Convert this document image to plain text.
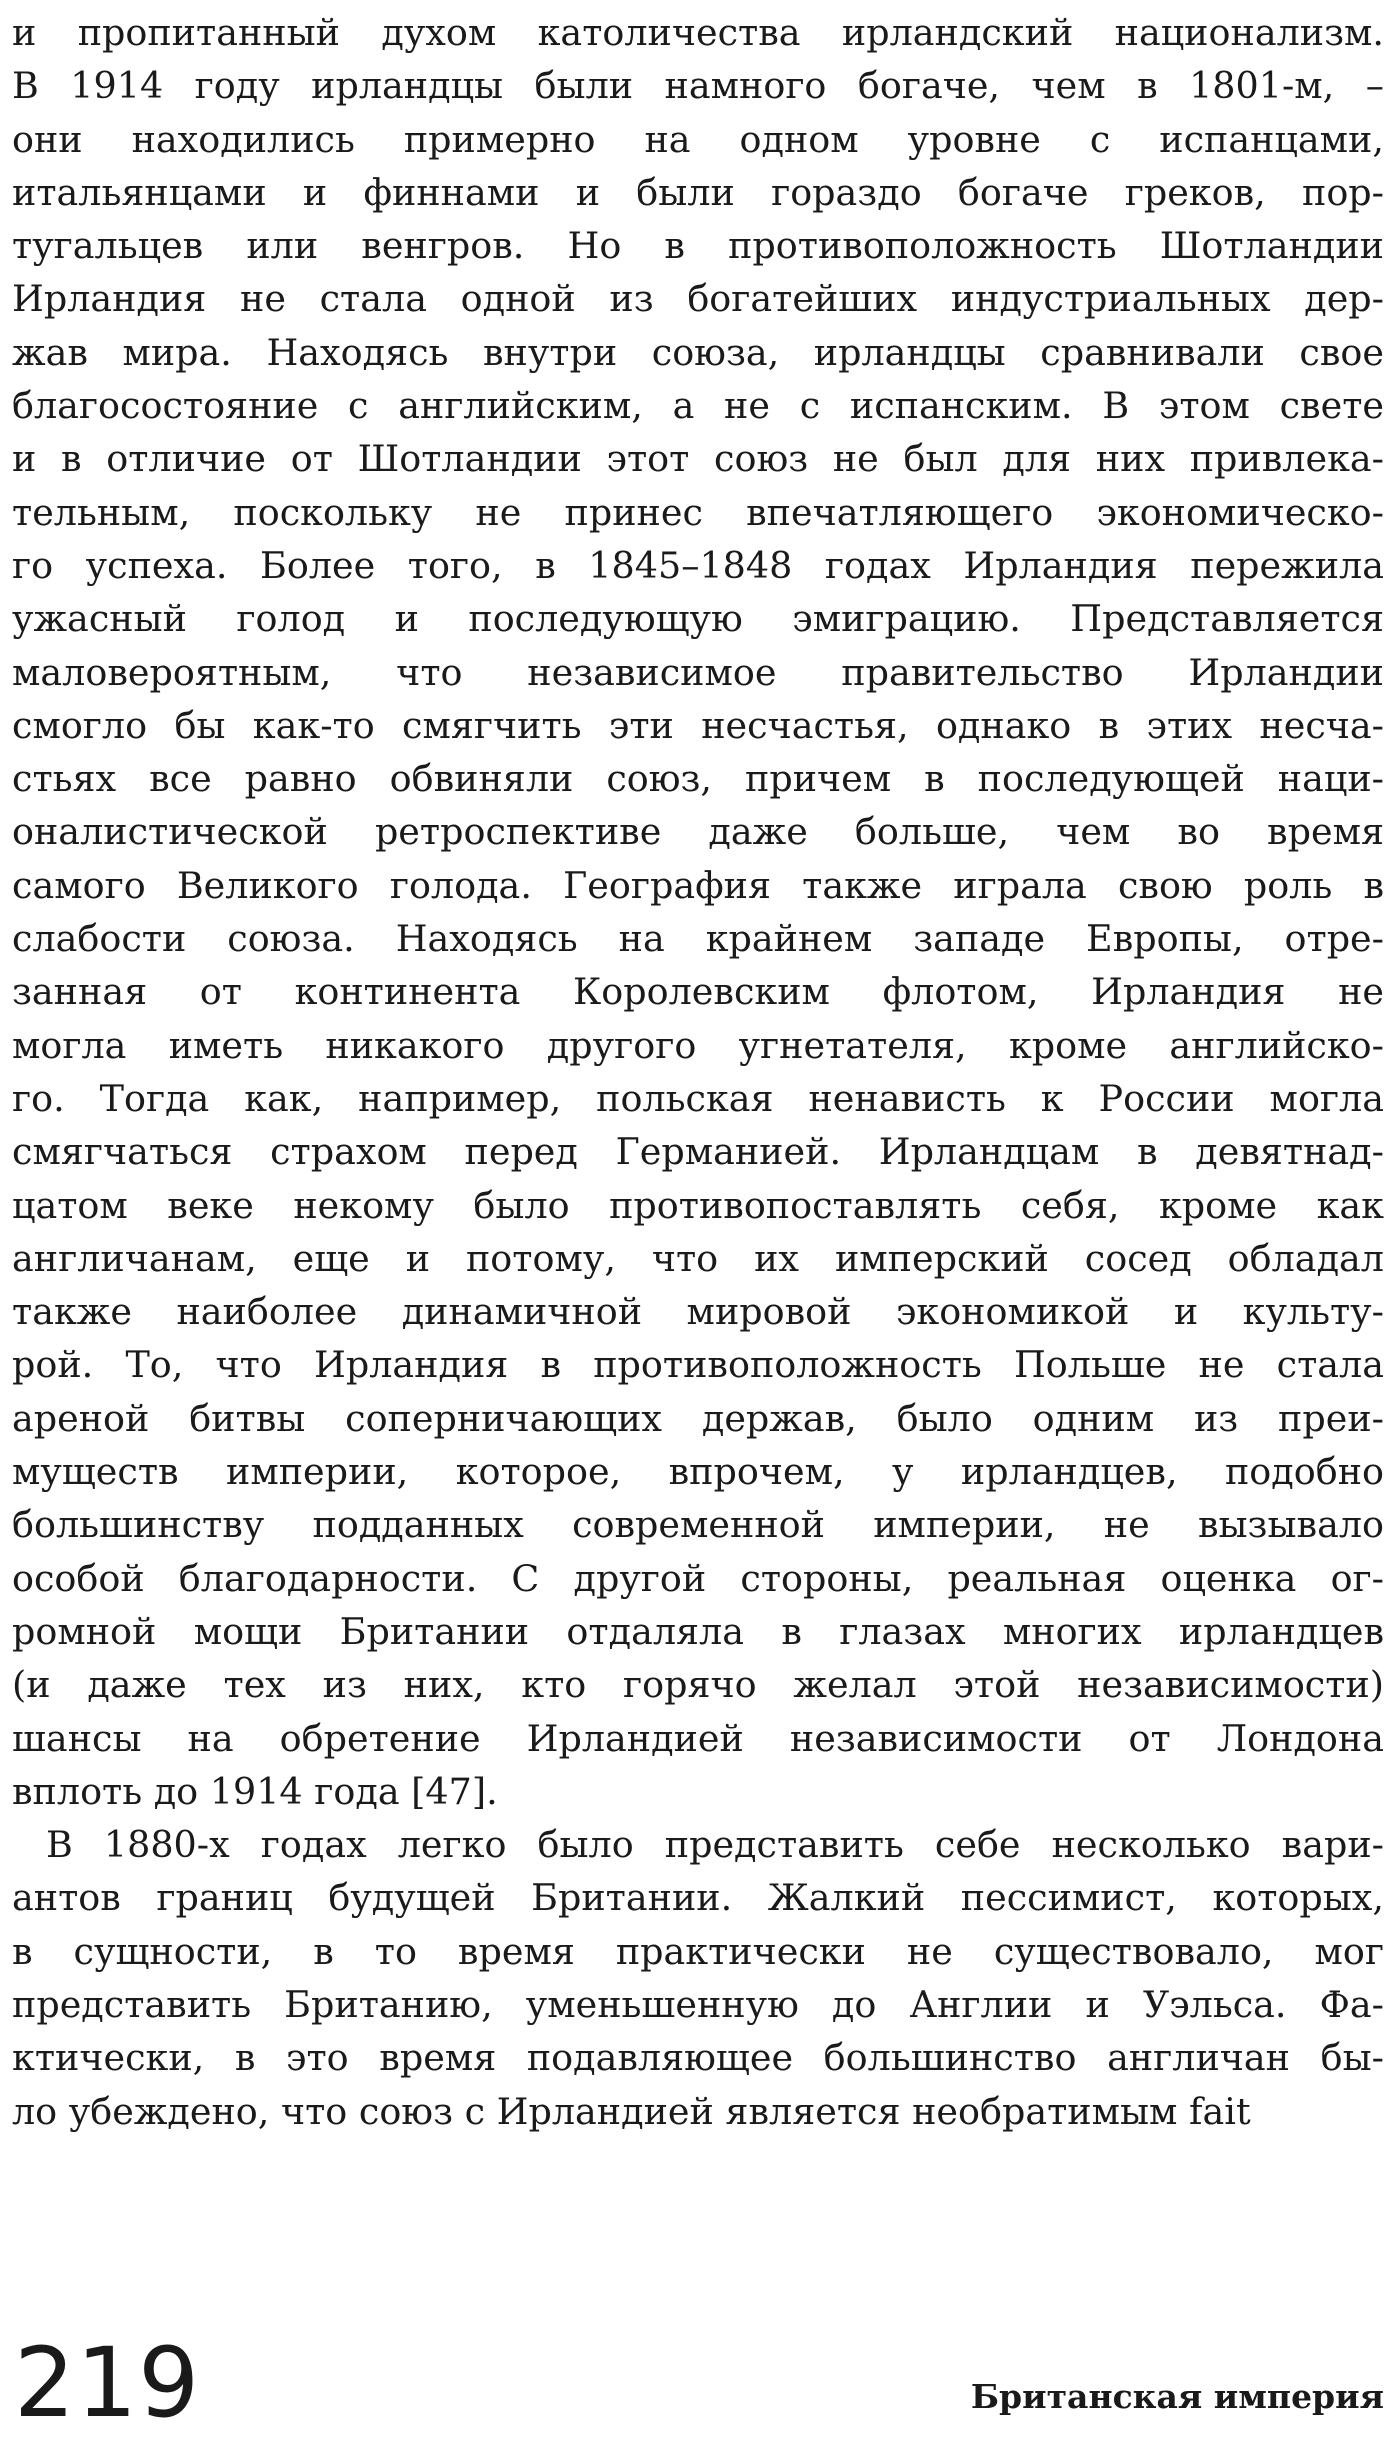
и пропитанный духом католичества ирландский национализм.
В 1914 году ирландцы были намного богаче, чем в 1801-м, –
они находились примерно на одном уровне с испанцами,
итальянцами и финнами и были гораздо богаче греков, пор-
тугальцев или венгров. Но в противоположность Шотландии
Ирландия не стала одной из богатейших индустриальных дер-
жав мира. Находясь внутри союза, ирландцы сравнивали свое
благосостояние с английским, а не с испанским. В этом свете
и в отличие от Шотландии этот союз не был для них привлека-
тельным, поскольку не принес впечатляющего экономическо-
го успеха. Более того, в 1845–1848 годах Ирландия пережила
ужасный голод и последующую эмиграцию. Представляется
маловероятным, что независимое правительство Ирландии
смогло бы как-то смягчить эти несчастья, однако в этих несча-
стьях все равно обвиняли союз, причем в последующей наци-
оналистической ретроспективе даже больше, чем во время
самого Великого голода. География также играла свою роль в
слабости союза. Находясь на крайнем западе Европы, отре-
занная от континента Королевским флотом, Ирландия не
могла иметь никакого другого угнетателя, кроме английско-
го. Тогда как, например, польская ненависть к России могла
смягчаться страхом перед Германией. Ирландцам в девятнад-
цатом веке некому было противопоставлять себя, кроме как
англичанам, еще и потому, что их имперский сосед обладал
также наиболее динамичной мировой экономикой и культу-
рой. То, что Ирландия в противоположность Польше не стала
ареной битвы соперничающих держав, было одним из преи-
муществ империи, которое, впрочем, у ирландцев, подобно
большинству подданных современной империи, не вызывало
особой благодарности. С другой стороны, реальная оценка ог-
ромной мощи Британии отдаляла в глазах многих ирландцев
(и даже тех из них, кто горячо желал этой независимости)
шансы на обретение Ирландией независимости от Лондона
вплоть до 1914 года [47].
В 1880-х годах легко было представить себе несколько вари-
антов границ будущей Британии. Жалкий пессимист, которых,
в сущности, в то время практически не существовало, мог
представить Британию, уменьшенную до Англии и Уэльса. Фа-
ктически, в это время подавляющее большинство англичан бы-
ло убеждено, что союз с Ирландией является необратимым fait
219	Британская империя
